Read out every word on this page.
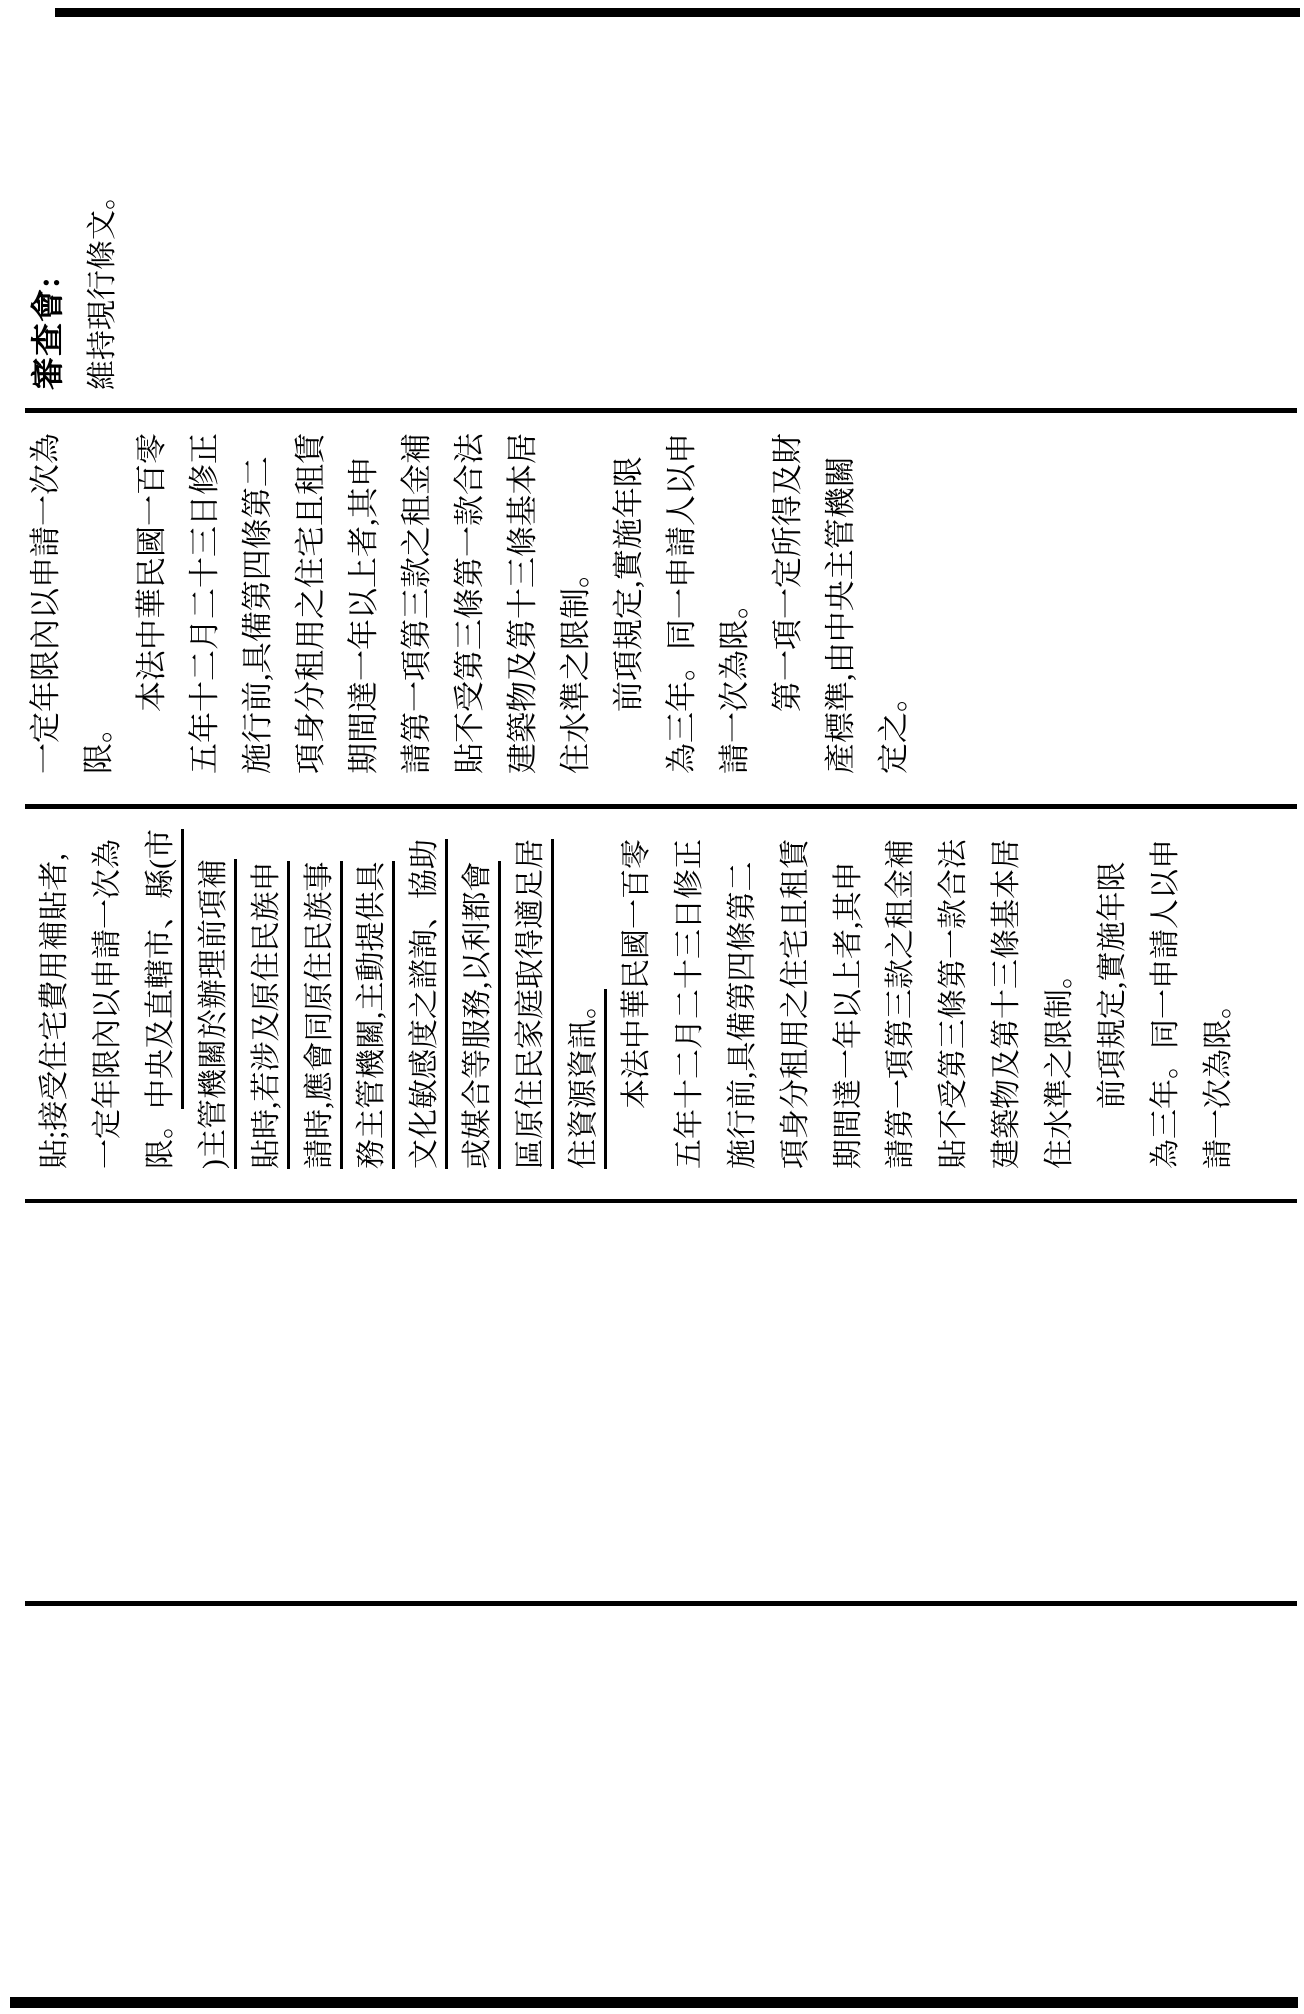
審查會: 維持現行條文。
一定年限內以申請一次為 限。 　　本法中華民國一百零 五年十二月二十三日修正 施行前,具備第四條第二 項身分租用之住宅且租賃 期間達一年以上者,其申 請第一項第三款之租金補 貼不受第三條第一款合法 建築物及第十三條基本居 住水準之限制。 　　前項規定,實施年限 為三年。同一申請人以申 請一次為限。 　　第一項一定所得及財 產標準,由中央主管機關 定之。
貼;接受住宅費用補貼者, 一定年限內以申請一次為 限。中央及直轄市、縣(市 )主管機關於辦理前項補 貼時,若涉及原住民族申 請時,應會同原住民族事 務主管機關,主動提供具 文化敏感度之諮詢、協助 或媒合等服務,以利都會 區原住民家庭取得適足居 住資源資訊。 　　本法中華民國一百零 五年十二月二十三日修正 施行前,具備第四條第二 項身分租用之住宅且租賃 期間達一年以上者,其申 請第一項第三款之租金補 貼不受第三條第一款合法 建築物及第十三條基本居 住水準之限制。 　　前項規定,實施年限 為三年。同一申請人以申 請一次為限。
